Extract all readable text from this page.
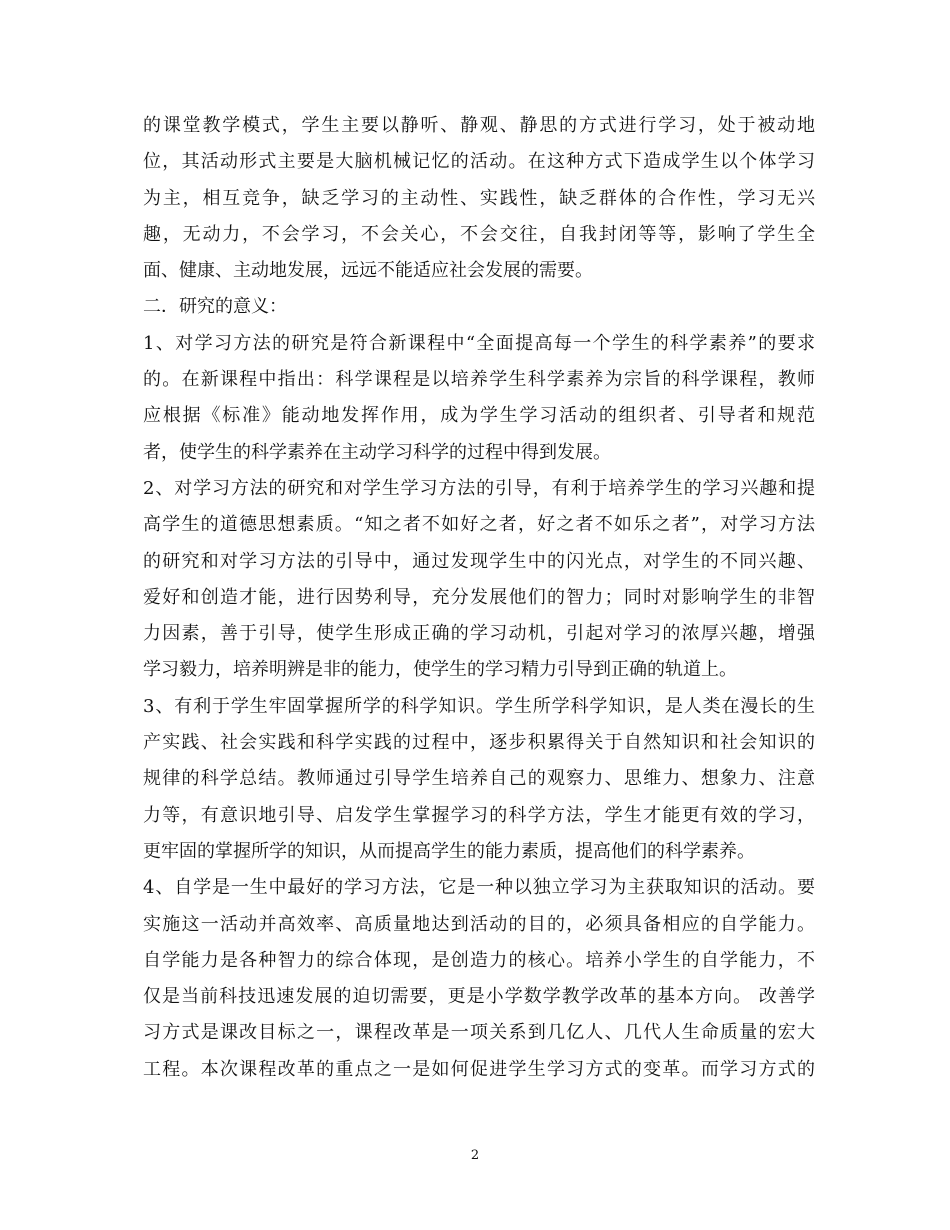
的课堂教学模式，学生主要以静听、静观、静思的方式进行学习，处于被动地
位，其活动形式主要是大脑机械记忆的活动。在这种方式下造成学生以个体学习
为主，相互竞争，缺乏学习的主动性、实践性，缺乏群体的合作性，学习无兴
趣，无动力，不会学习，不会关心，不会交往，自我封闭等等，影响了学生全
面、健康、主动地发展，远远不能适应社会发展的需要。
二．研究的意义：
1、对学习方法的研究是符合新课程中“全面提高每一个学生的科学素养”的要求
的。在新课程中指出：科学课程是以培养学生科学素养为宗旨的科学课程，教师
应根据《标准》能动地发挥作用，成为学生学习活动的组织者、引导者和规范
者，使学生的科学素养在主动学习科学的过程中得到发展。
2、对学习方法的研究和对学生学习方法的引导，有利于培养学生的学习兴趣和提
高学生的道德思想素质。“知之者不如好之者，好之者不如乐之者”，对学习方法
的研究和对学习方法的引导中，通过发现学生中的闪光点，对学生的不同兴趣、
爱好和创造才能，进行因势利导，充分发展他们的智力；同时对影响学生的非智
力因素，善于引导，使学生形成正确的学习动机，引起对学习的浓厚兴趣，增强
学习毅力，培养明辨是非的能力，使学生的学习精力引导到正确的轨道上。
3、有利于学生牢固掌握所学的科学知识。学生所学科学知识，是人类在漫长的生
产实践、社会实践和科学实践的过程中，逐步积累得关于自然知识和社会知识的
规律的科学总结。教师通过引导学生培养自己的观察力、思维力、想象力、注意
力等，有意识地引导、启发学生掌握学习的科学方法，学生才能更有效的学习，
更牢固的掌握所学的知识，从而提高学生的能力素质，提高他们的科学素养。
4、自学是一生中最好的学习方法，它是一种以独立学习为主获取知识的活动。要
实施这一活动并高效率、高质量地达到活动的目的，必须具备相应的自学能力。
自学能力是各种智力的综合体现，是创造力的核心。培养小学生的自学能力，不
仅是当前科技迅速发展的迫切需要，更是小学数学教学改革的基本方向。 改善学
习方式是课改目标之一，课程改革是一项关系到几亿人、几代人生命质量的宏大
工程。本次课程改革的重点之一是如何促进学生学习方式的变革。而学习方式的
2
